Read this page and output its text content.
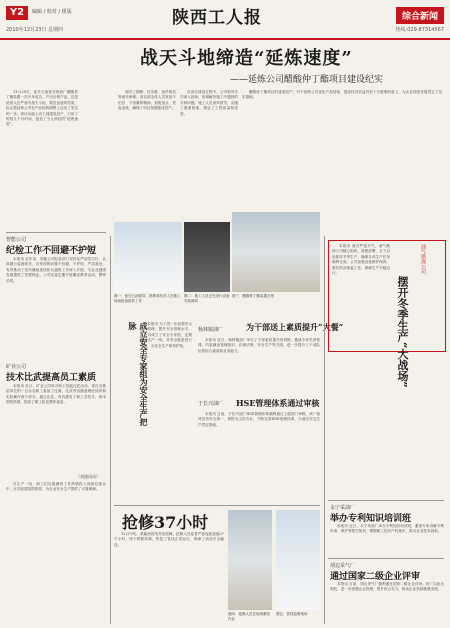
Y2	编辑 / 校对 / 组版	陕西工人报	综合新闻
2010年12月23日 星期四	热线:029-87314567
战天斗地缔造“延炼速度”
——延炼公司醋酸仲丁酯项目建设纪实

11月29日，延长石油延安炼油厂醋酸仲丁酯装置一次开车成功，产出合格产品。这是延炼人在严寒中战天斗地、艰苦奋战的结果，标志着延炼公司在产品结构调整上迈出了坚实的一步。项目从破土动工到建成投产，只用了短短几个月时间，创造了令人惊叹的“延炼速度”。

面对工期紧、任务重、条件艰苦等诸多困难，项目部全体人员发扬不怕苦、不怕累的精神，加班加点，昼夜奋战，确保了项目按期建成投产。

在项目建设过程中，公司领导多次深入现场，协调解决施工中遇到的各种问题。施工人员顶风冒雪，克服了重重困难，保证了工程质量和进度。

醋酸仲丁酯项目的建成投产，对于延炼公司优化产品结构、提高经济效益具有十分重要的意义，为企业持续发展奠定了坚实基础。

智能公司
纪检工作不回避不护短

本报讯 近年来，智能公司纪检部门坚持从严治党方针，认真履行监督职责，对发现的问题不回避、不护短，严肃查处，有效推动了党风廉政建设和反腐败工作深入开展，为企业健康发展提供了坚强保证。公司纪委定期开展廉洁教育活动，警钟长鸣。

矿业公司
技术比武提高员工素质

本报讯 近日，矿业公司举办职工技能比武活动，来自各基层单位的一百余名职工参加了比赛。比武内容涵盖理论知识和实际操作两个部分，通过比武，有效激发了职工学技术、练本领的热情，提高了职工队伍整体素质。

（刘通讯员）

在生产一线，职工们以饱满的工作热情投入到岗位练兵中，比学赶超氛围浓厚，为企业安全生产提供了可靠保障。

图一：延长石油领导、指挥部负责人在施工现场检查指导工作
图二：施工人员正在进行设备安装调试
图三：醋酸仲丁酯装置全景
成立安全专家组为安全生产把脉	本报讯 为了进一步加强安全生产管理，提升安全管理水平，该公司成立了安全专家组，定期深入生产一线，对安全隐患进行排查，为安全生产保驾护航。

杨林镇油厂	为干部送上素质提升“大餐”

本报讯 近日，杨林镇油厂举办了干部素质提升培训班，邀请专家学者授课，内容涵盖管理知识、法律法规、安全生产等方面，进一步提升了干部队伍的综合素质和业务能力。

于长兴油厂 HSE管理体系通过审核

本报讯 日前，于长兴油厂HSE管理体系顺利通过上级部门审核。该厂始终坚持安全第一、预防为主的方针，不断完善HSE管理体系，为油田安全生产奠定基础。

油气勘探公司
摆开冬季生产“大战场”

本报讯 面对严寒天气，油气勘探公司精心组织，周密部署，全力以赴抓好冬季生产，确保各项生产任务顺利完成。公司加强设备维护保养，做好防冻保温工作，保障生产平稳运行。

永宁采油厂
举办专利知识培训班

本报讯 近日，永宁采油厂举办专利知识培训班，邀请专家讲解专利申请、保护等相关知识，增强职工知识产权意识，推动企业技术创新。

靖边采气厂
通过国家二级企业评审

本报讯 日前，靖边采气厂顺利通过国家二级企业评审。该厂以此为契机，进一步加强企业管理，提升综合实力，推动企业持续健康发展。

抢修37小时

12月中旬，某输油管线突发故障，抢修人员迎着严寒连续奋战37个小时，终于排除故障，恢复了管线正常运行，保障了油品安全输送。

图四：抢修人员在现场紧张作业
图五：管线抢修现场
